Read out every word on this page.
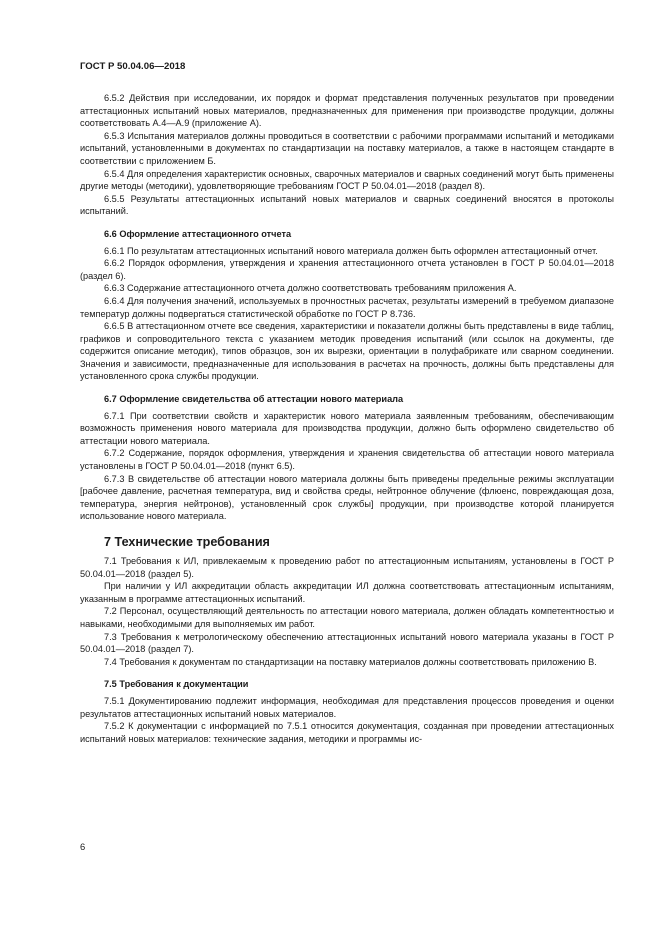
ГОСТ Р 50.04.06—2018

6.5.2 Действия при исследовании, их порядок и формат представления полученных результатов при проведении аттестационных испытаний новых материалов, предназначенных для применения при производстве продукции, должны соответствовать А.4—А.9 (приложение А).

6.5.3 Испытания материалов должны проводиться в соответствии с рабочими программами испытаний и методиками испытаний, установленными в документах по стандартизации на поставку материалов, а также в настоящем стандарте в соответствии с приложением Б.

6.5.4 Для определения характеристик основных, сварочных материалов и сварных соединений могут быть применены другие методы (методики), удовлетворяющие требованиям ГОСТ Р 50.04.01—2018 (раздел 8).

6.5.5 Результаты аттестационных испытаний новых материалов и сварных соединений вносятся в протоколы испытаний.

6.6 Оформление аттестационного отчета

6.6.1 По результатам аттестационных испытаний нового материала должен быть оформлен аттестационный отчет.

6.6.2 Порядок оформления, утверждения и хранения аттестационного отчета установлен в ГОСТ Р 50.04.01—2018 (раздел 6).

6.6.3 Содержание аттестационного отчета должно соответствовать требованиям приложения А.

6.6.4 Для получения значений, используемых в прочностных расчетах, результаты измерений в требуемом диапазоне температур должны подвергаться статистической обработке по ГОСТ Р 8.736.

6.6.5 В аттестационном отчете все сведения, характеристики и показатели должны быть представлены в виде таблиц, графиков и сопроводительного текста с указанием методик проведения испытаний (или ссылок на документы, где содержится описание методик), типов образцов, зон их вырезки, ориентации в полуфабрикате или сварном соединении. Значения и зависимости, предназначенные для использования в расчетах на прочность, должны быть представлены для установленного срока службы продукции.

6.7 Оформление свидетельства об аттестации нового материала

6.7.1 При соответствии свойств и характеристик нового материала заявленным требованиям, обеспечивающим возможность применения нового материала для производства продукции, должно быть оформлено свидетельство об аттестации нового материала.

6.7.2 Содержание, порядок оформления, утверждения и хранения свидетельства об аттестации нового материала установлены в ГОСТ Р 50.04.01—2018 (пункт 6.5).

6.7.3 В свидетельстве об аттестации нового материала должны быть приведены предельные режимы эксплуатации [рабочее давление, расчетная температура, вид и свойства среды, нейтронное облучение (флюенс, повреждающая доза, температура, энергия нейтронов), установленный срок службы] продукции, при производстве которой планируется использование нового материала.

7 Технические требования

7.1 Требования к ИЛ, привлекаемым к проведению работ по аттестационным испытаниям, установлены в ГОСТ Р 50.04.01—2018 (раздел 5).

При наличии у ИЛ аккредитации область аккредитации ИЛ должна соответствовать аттестационным испытаниям, указанным в программе аттестационных испытаний.

7.2 Персонал, осуществляющий деятельность по аттестации нового материала, должен обладать компетентностью и навыками, необходимыми для выполняемых им работ.

7.3 Требования к метрологическому обеспечению аттестационных испытаний нового материала указаны в ГОСТ Р 50.04.01—2018 (раздел 7).

7.4 Требования к документам по стандартизации на поставку материалов должны соответствовать приложению В.

7.5 Требования к документации

7.5.1 Документированию подлежит информация, необходимая для представления процессов проведения и оценки результатов аттестационных испытаний новых материалов.

7.5.2 К документации с информацией по 7.5.1 относится документация, созданная при проведении аттестационных испытаний новых материалов: технические задания, методики и программы ис-

6
